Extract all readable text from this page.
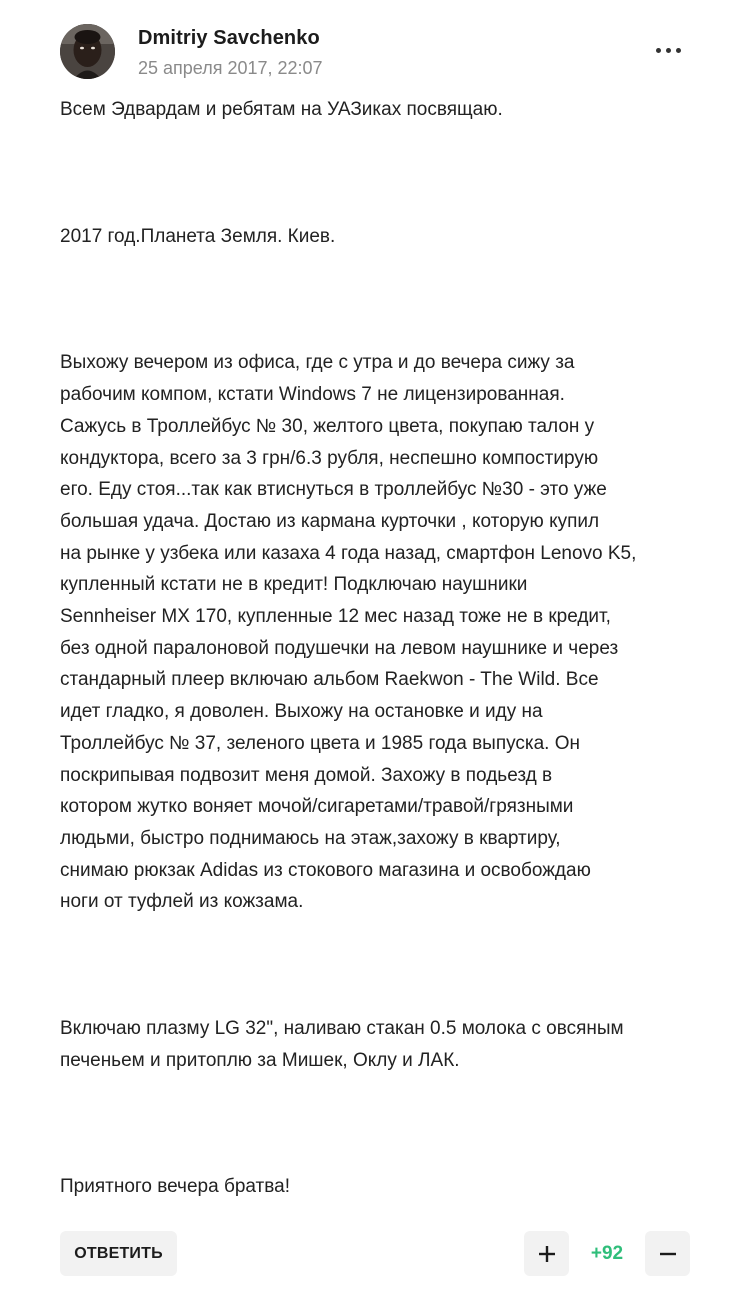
Dmitriy Savchenko
25 апреля 2017, 22:07

Всем Эдвардам и ребятам на УАЗиках посвящаю.

2017 год.Планета Земля. Киев.

Выхожу вечером из офиса, где с утра и до вечера сижу за
рабочим компом, кстати Windows 7 не лицензированная.
Сажусь в Троллейбус № 30, желтого цвета, покупаю талон у
кондуктора, всего за 3 грн/6.3 рубля, неспешно компостирую
его. Еду стоя...так как втиснуться в троллейбус №30 - это уже
большая удача. Достаю из кармана курточки , которую купил
на рынке у узбека или казаха 4 года назад, смартфон Lenovo K5,
купленный кстати не в кредит! Подключаю наушники
Sennheiser MX 170, купленные 12 мес назад тоже не в кредит,
без одной паралоновой подушечки на левом наушнике и через
стандарный плеер включаю альбом Raekwon - The Wild. Все
идет гладко, я доволен. Выхожу на остановке и иду на
Троллейбус № 37, зеленого цвета и 1985 года выпуска. Он
поскрипывая подвозит меня домой. Захожу в подьезд в
котором жутко воняет мочой/сигаретами/травой/грязными
людьми, быстро поднимаюсь на этаж,захожу в квартиру,
снимаю рюкзак Adidas из стокового магазина и освобождаю
ноги от туфлей из кожзама.

Включаю плазму LG 32", наливаю стакан 0.5 молока с овсяным
печеньем и притоплю за Мишек, Оклу и ЛАК.

Приятного вечера братва!

ОТВЕТИТЬ	+92
